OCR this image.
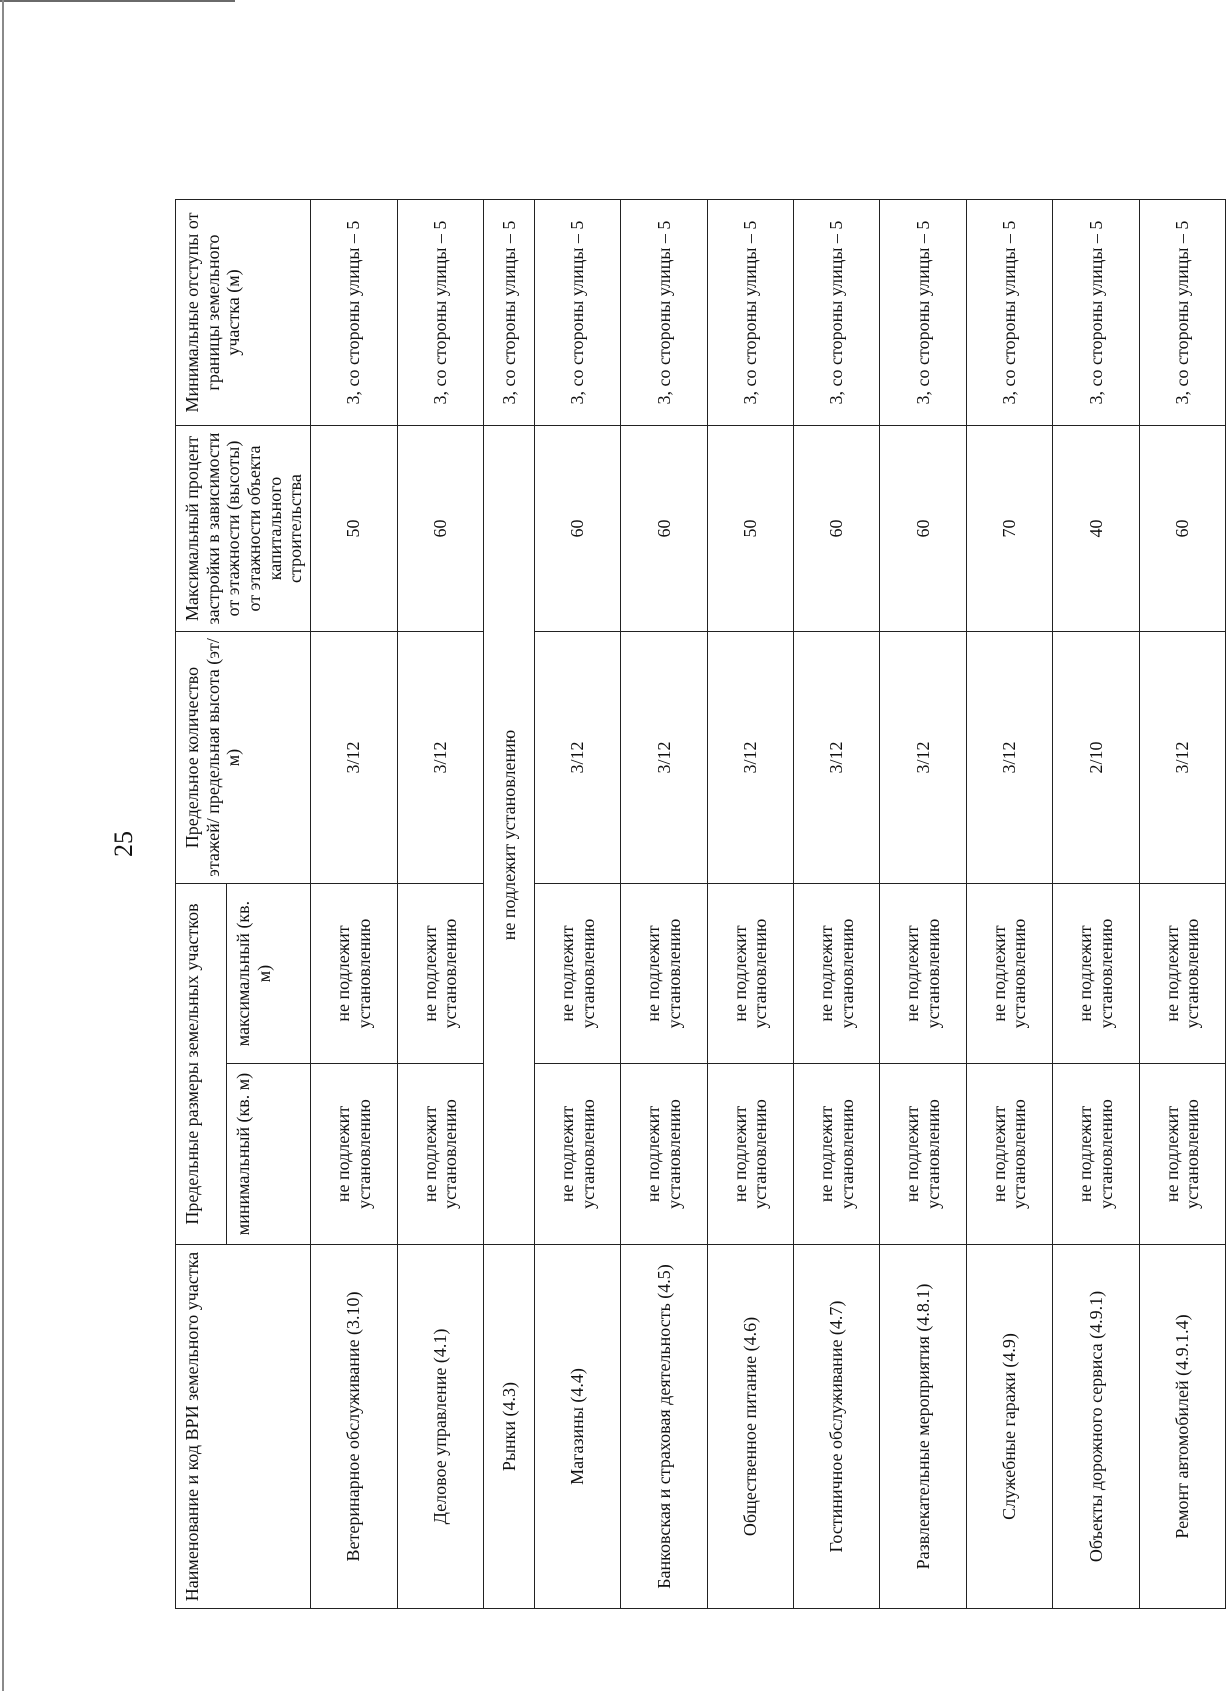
25
Наименование и код ВРИ земельного участка	Предельные размеры земельных участков		Предельное количество этажей/ предельная высота (эт/м)	Максимальный процент застройки в зависимости от этажности (высоты) от этажности объекта капитального строительства	Минимальные отступы от границы земельного участка (м)
	минимальный (кв. м)	максимальный (кв. м)			
Ветеринарное обслуживание (3.10)	не подлежит установлению	не подлежит установлению	3/12	50	3, со стороны улицы – 5
Деловое управление (4.1)	не подлежит установлению	не подлежит установлению	3/12	60	3, со стороны улицы – 5
Рынки (4.3)	не подлежит установлению				3, со стороны улицы – 5
Магазины (4.4)	не подлежит установлению	не подлежит установлению	3/12	60	3, со стороны улицы – 5
Банковская и страховая деятельность (4.5)	не подлежит установлению	не подлежит установлению	3/12	60	3, со стороны улицы – 5
Общественное питание (4.6)	не подлежит установлению	не подлежит установлению	3/12	50	3, со стороны улицы – 5
Гостиничное обслуживание (4.7)	не подлежит установлению	не подлежит установлению	3/12	60	3, со стороны улицы – 5
Развлекательные мероприятия (4.8.1)	не подлежит установлению	не подлежит установлению	3/12	60	3, со стороны улицы – 5
Служебные гаражи (4.9)	не подлежит установлению	не подлежит установлению	3/12	70	3, со стороны улицы – 5
Объекты дорожного сервиса (4.9.1)	не подлежит установлению	не подлежит установлению	2/10	40	3, со стороны улицы – 5
Ремонт автомобилей (4.9.1.4)	не подлежит установлению	не подлежит установлению	3/12	60	3, со стороны улицы – 5
